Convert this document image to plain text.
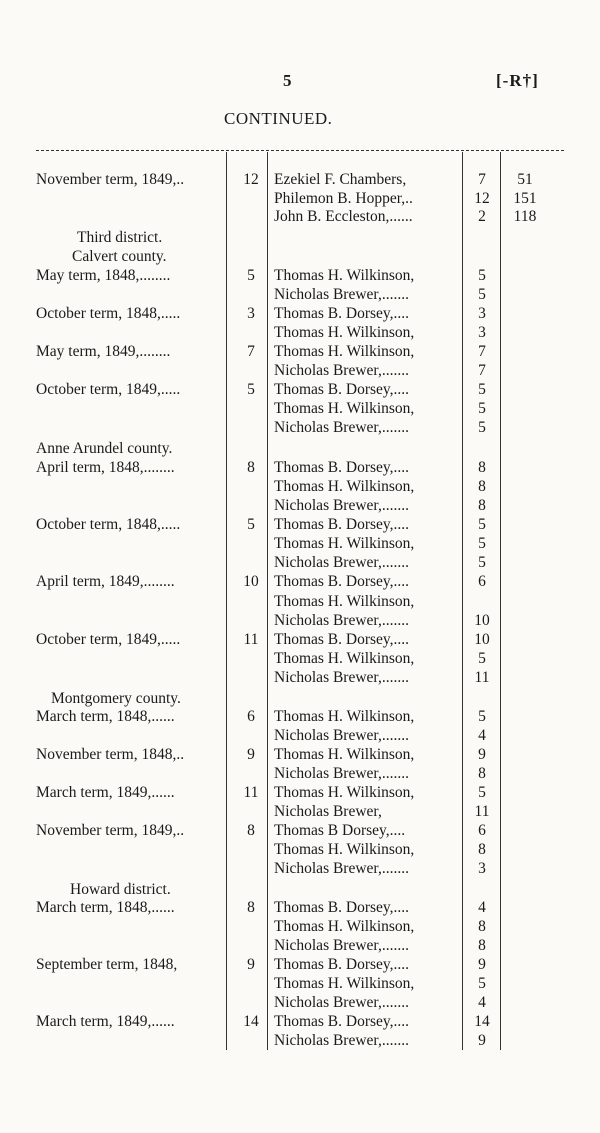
5	[-R†]
CONTINUED.
November term, 1849,..	12 Ezekiel F. Chambers,	7	51
Philemon B. Hopper,..	12	151
John B. Eccleston,......	2	118
Third district.
Calvert county.
May term, 1848,........	5	Thomas H. Wilkinson,	5
Nicholas Brewer,.......	5
October term, 1848,.....	3	Thomas B. Dorsey,....	3
Thomas H. Wilkinson,	3
May term, 1849,........	7	Thomas H. Wilkinson,	7
Nicholas Brewer,.......	7
October term, 1849,.....	5	Thomas B. Dorsey,....	5
Thomas H. Wilkinson,	5
Nicholas Brewer,.......	5
Anne Arundel county.
April term, 1848,........	8	Thomas B. Dorsey,....	8
Thomas H. Wilkinson,	8
Nicholas Brewer,.......	8
October term, 1848,.....	5	Thomas B. Dorsey,....	5
Thomas H. Wilkinson,	5
Nicholas Brewer,.......	5
April term, 1849,........	10 Thomas B. Dorsey,....	6
Thomas H. Wilkinson,
Nicholas Brewer,.......	10
October term, 1849,.....	11	Thomas B. Dorsey,....	10
Thomas H. Wilkinson,	5
Nicholas Brewer,.......	11
Montgomery county.
March term, 1848,......	6	Thomas H. Wilkinson,	5
Nicholas Brewer,.......	4
November term, 1848,..	9	Thomas H. Wilkinson,	9
Nicholas Brewer,.......	8
March term, 1849,......	11	Thomas H. Wilkinson,	5
Nicholas Brewer,	11
November term, 1849,..	8	Thomas B Dorsey,....	6
Thomas H. Wilkinson,	8
Nicholas Brewer,.......	3
Howard district.
March term, 1848,......	8	Thomas B. Dorsey,....	4
Thomas H. Wilkinson,	8
Nicholas Brewer,.......	8
September term, 1848,	9	Thomas B. Dorsey,....	9
Thomas H. Wilkinson,	5
Nicholas Brewer,.......	4
March term, 1849,......	14 Thomas B. Dorsey,....	14
Nicholas Brewer,.......	9
